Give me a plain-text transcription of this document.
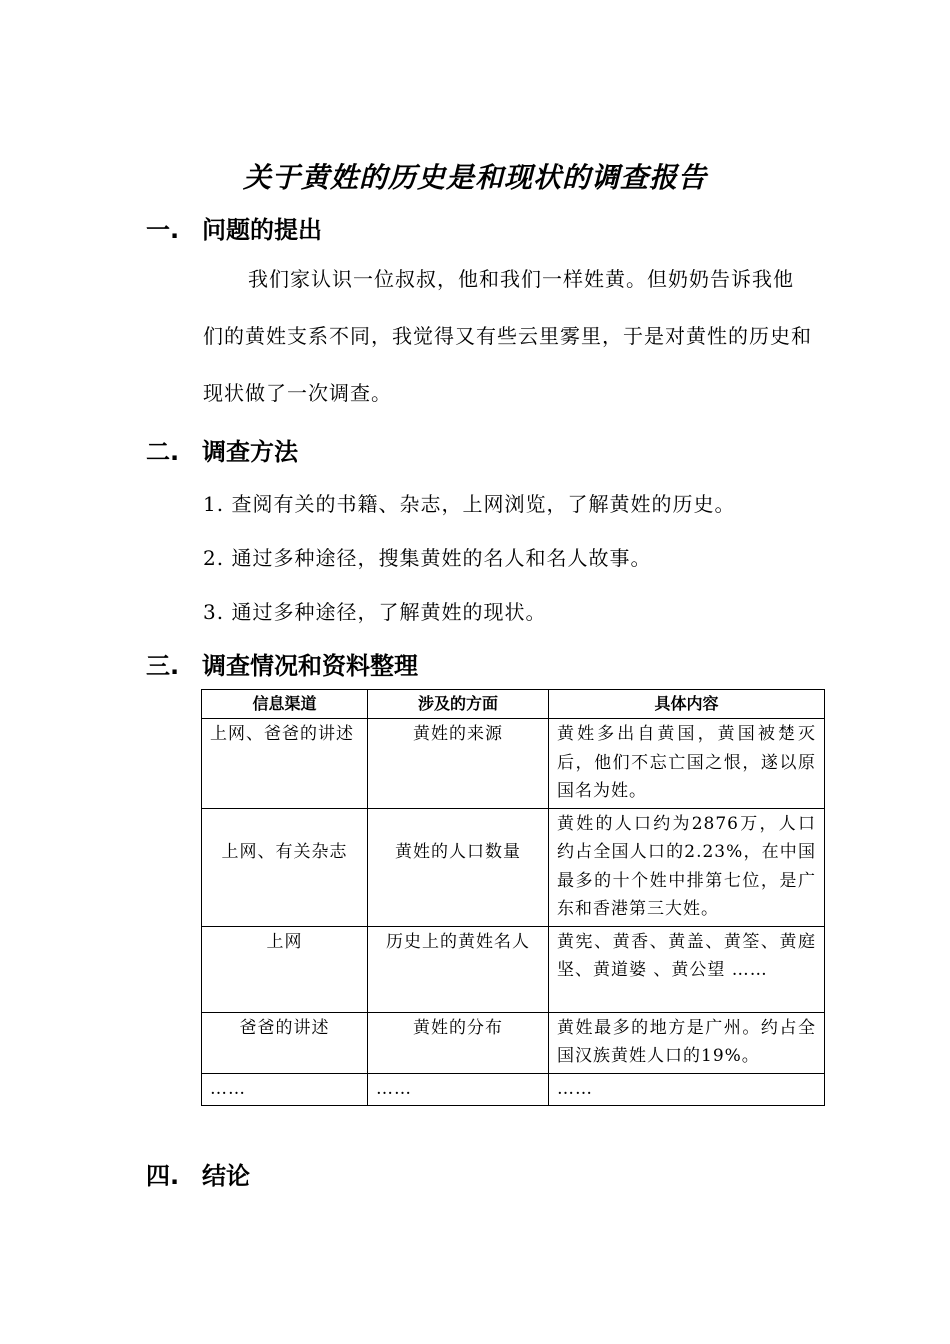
关于黄姓的历史是和现状的调查报告
一. 问题的提出

我们家认识一位叔叔，他和我们一样姓黄。但奶奶告诉我他们的黄姓支系不同，我觉得又有些云里雾里，于是对黄性的历史和现状做了一次调查。

二. 调查方法
1. 查阅有关的书籍、杂志，上网浏览，了解黄姓的历史。
2. 通过多种途径，搜集黄姓的名人和名人故事。
3. 通过多种途径，了解黄姓的现状。
三. 调查情况和资料整理
信息渠道	涉及的方面	具体内容
上网、爸爸的讲述	黄姓的来源	黄姓多出自黄国，黄国被楚灭后，他们不忘亡国之恨，遂以原国名为姓。
上网、有关杂志	黄姓的人口数量	黄姓的人口约为2876万，人口约占全国人口的2.23%，在中国最多的十个姓中排第七位，是广东和香港第三大姓。
上网	历史上的黄姓名人	黄宪、黄香、黄盖、黄筌、黄庭坚、黄道婆 、黄公望 ……
爸爸的讲述	黄姓的分布	黄姓最多的地方是广州。约占全国汉族黄姓人口的19%。
……	……	……
四. 结论
